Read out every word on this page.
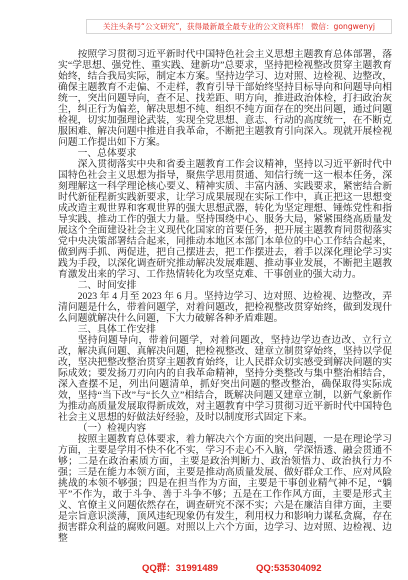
关注头条号“公文研究”，获得最新最全最专业的公文资料库！ 微信：gongwenyj

按照学习贯彻习近平新时代中国特色社会主义思想主题教育总体部署，落实“学思想、强党性、重实践、建新功”总要求，坚持把检视整改贯穿主题教育始终，结合我局实际，制定本方案。坚持边学习、边对照、边检视、边整改，确保主题教育不走偏、不走样，教育引导干部始终坚持目标导向和问题导向相统一，突出问题导向，查不足、找差距、明方向，推进政治体检，打扫政治灰尘，纠正行为偏差，解决思想不纯、组织不纯方面存在的突出问题，通过问题检视，切实加强理论武装，实现全党思想、意志、行动的高度统一，在不断克服困难、解决问题中推进自我革命，不断把主题教育引向深入。现就开展检视问题工作提出如下方案。

一、总体要求

深入贯彻落实中央和省委主题教育工作会议精神，坚持以习近平新时代中国特色社会主义思想为指导，聚焦学思用贯通、知信行统一这一根本任务，深刻理解这一科学理论核心要义、精神实质、丰富内涵、实践要求，紧密结合新时代新征程新实践新要求，让学习成果展现在实际工作中，真正把这一思想变成改造主观世界和客观世界的强大思想武器，转化为坚定理想、锤炼党性和指导实践、推动工作的强大力量。坚持围绕中心、服务大局，紧紧围绕高质量发展这个全面建设社会主义现代化国家的首要任务，把开展主题教育同贯彻落实党中央决策部署结合起来，同推动本地区本部门本单位的中心工作结合起来，做到两手抓、两促进，把自己摆进去，把工作摆进去，着手以深化理论学习实践为手段，以深化调查研究推动解决发展难题、推动事业发展，不断把主题教育激发出来的学习、工作热情转化为攻坚克难、干事创业的强大动力。

二、时间安排

2023 年 4 月至 2023 年 6 月。坚持边学习、边对照、边检视、边整改，弄清问题是什么，带着问题学，对着问题改，把检视整改贯穿始终，做到发现什么问题就解决什么问题，下大力破解各种矛盾难题。

三、具体工作安排

坚持问题导向，带着问题学，对着问题改，坚持边学边查边改、立行立改，解决真问题、真解决问题，把检视整改、建章立制贯穿始终，坚持以学促改，坚决把整改整治贯穿主题教育始终，让人民群众切实感受到解决问题的实际成效；要发扬刀刃向内的自我革命精神，坚持分类整改与集中整治相结合，深入查摆不足，列出问题清单，抓好突出问题的整改整治，确保取得实际成效，坚持“当下改”与“长久立”相结合，既解决问题又建章立制，以新气象新作为推动高质量发展取得新成效，对主题教育中学习贯彻习近平新时代中国特色社会主义思想的好做法好经验，及时以制度形式固定下来。

（一）检视内容

按照主题教育总体要求，着力解决六个方面的突出问题，一是在理论学习方面，主要是学用不快不化不实，学习不走心不入脑，学深悟透、融会贯通不够；二是在政治素质方面，主要是政治判断力、政治领悟力、政治执行力不强；三是在能力本领方面，主要是推动高质量发展、做好群众工作、应对风险挑战的本领不够强；四是在担当作为方面，主要是干事创业精气神不足，“躺平”不作为，敢于斗争、善于斗争不够；五是在工作作风方面，主要是形式主义、官僚主义问题依然存在，调查研究不深不实；六是在廉洁自律方面，主要是宗旨意识淡薄，顶风违纪现象仍有发生，利用权力和影响力谋私贪腐，存在损害群众利益的腐败问题。对照以上六个方面，边学习、边对照、边检视、边整

QQ群：31991489	QQ:535304092
